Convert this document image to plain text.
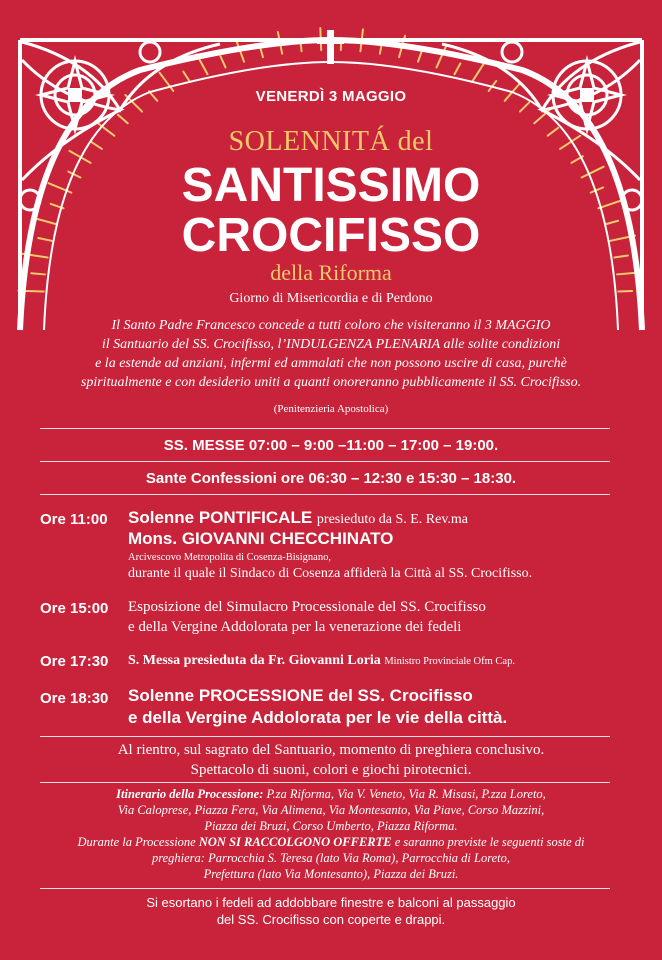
VENERDÌ 3 MAGGIO
SOLENNITÁ del
SANTISSIMO
CROCIFISSO
della Riforma
Giorno di Misericordia e di Perdono
Il Santo Padre Francesco concede a tutti coloro che visiteranno il 3 MAGGIO
il Santuario del SS. Crocifisso, l’INDULGENZA PLENARIA alle solite condizioni
e la estende ad anziani, infermi ed ammalati che non possono uscire di casa, purchè
spiritualmente e con desiderio uniti a quanti onoreranno pubblicamente il SS. Crocifisso.
(Penitenzieria Apostolica)
SS. MESSE 07:00 – 9:00 –11:00 – 17:00 – 19:00.
Sante Confessioni ore 06:30 – 12:30 e 15:30 – 18:30.
Ore 11:00 Solenne PONTIFICALE presieduto da S. E. Rev.ma
Mons. GIOVANNI CHECCHINATO
Arcivescovo Metropolita di Cosenza-Bisignano,
durante il quale il Sindaco di Cosenza affiderà la Città al SS. Crocifisso.
Ore 15:00 Esposizione del Simulacro Processionale del SS. Crocifisso
e della Vergine Addolorata per la venerazione dei fedeli
Ore 17:30 S. Messa presieduta da Fr. Giovanni Loria Ministro Provinciale Ofm Cap.
Ore 18:30 Solenne PROCESSIONE del SS. Crocifisso
e della Vergine Addolorata per le vie della città.
Al rientro, sul sagrato del Santuario, momento di preghiera conclusivo.
Spettacolo di suoni, colori e giochi pirotecnici.
Itinerario della Processione: P.za Riforma, Via V. Veneto, Via R. Misasi, P.zza Loreto,
Via Caloprese, Piazza Fera, Via Alimena, Via Montesanto, Via Piave, Corso Mazzini,
Piazza dei Bruzi, Corso Umberto, Piazza Riforma.
Durante la Processione NON SI RACCOLGONO OFFERTE e saranno previste le seguenti soste di
preghiera: Parrocchia S. Teresa (lato Via Roma), Parrocchia di Loreto,
Prefettura (lato Via Montesanto), Piazza dei Bruzi.
Si esortano i fedeli ad addobbare finestre e balconi al passaggio
del SS. Crocifisso con coperte e drappi.
